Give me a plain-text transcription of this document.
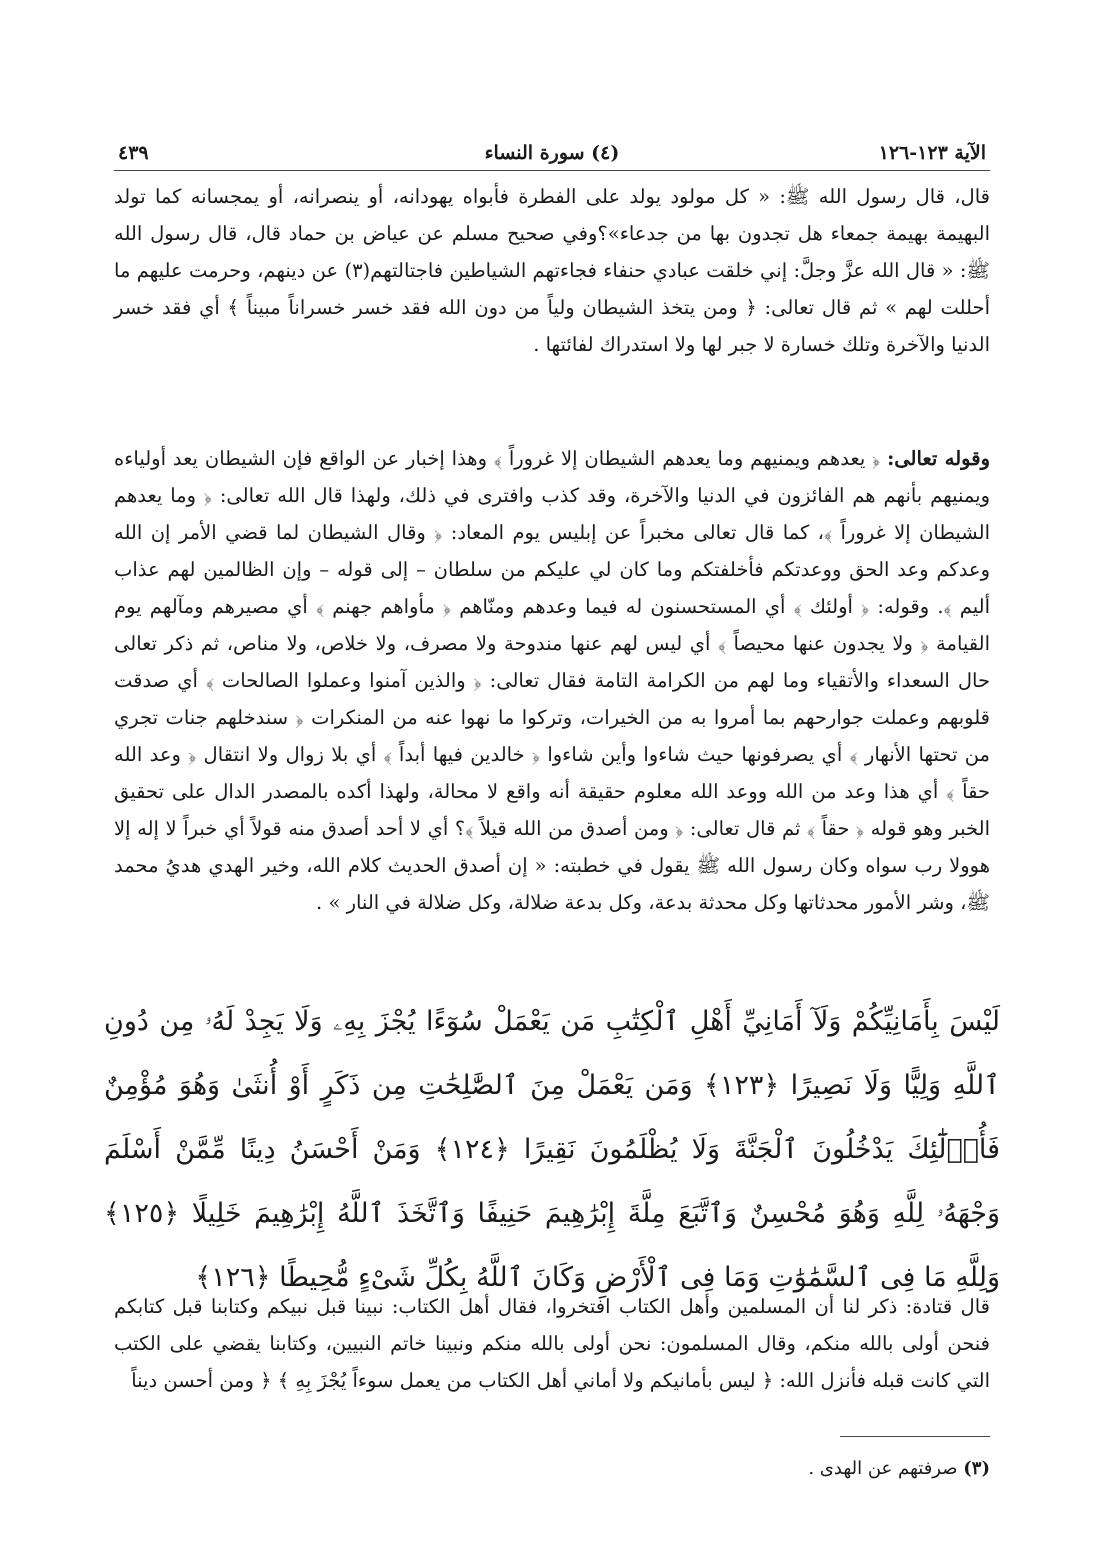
الآية ١٢٣-١٢٦
(٤) سورة النساء
٤٣٩

قال، قال رسول الله ﷺ: « كل مولود يولد على الفطرة فأبواه يهودانه، أو ينصرانه، أو يمجسانه كما تولد البهيمة بهيمة جمعاء هل تجدون بها من جدعاء»؟وفي صحيح مسلم عن عياض بن حماد قال، قال رسول الله ﷺ: « قال الله عزَّ وجلَّ: إني خلقت عبادي حنفاء فجاءتهم الشياطين فاجتالتهم(٣) عن دينهم، وحرمت عليهم ما أحللت لهم » ثم قال تعالى: ﴿ ومن يتخذ الشيطان ولياً من دون الله فقد خسر خسراناً مبيناً ﴾ أي فقد خسر الدنيا والآخرة وتلك خسارة لا جبر لها ولا استدراك لفائتها .

وقوله تعالى: ﴿ يعدهم ويمنيهم وما يعدهم الشيطان إلا غروراً ﴾ وهذا إخبار عن الواقع فإن الشيطان يعد أولياءه ويمنيهم بأنهم هم الفائزون في الدنيا والآخرة، وقد كذب وافترى في ذلك، ولهذا قال الله تعالى: ﴿ وما يعدهم الشيطان إلا غروراً ﴾، كما قال تعالى مخبراً عن إبليس يوم المعاد: ﴿ وقال الشيطان لما قضي الأمر إن الله وعدكم وعد الحق ووعدتكم فأخلفتكم وما كان لي عليكم من سلطان – إلى قوله – وإن الظالمين لهم عذاب أليم ﴾. وقوله: ﴿ أولئك ﴾ أي المستحسنون له فيما وعدهم ومنّاهم ﴿ مأواهم جهنم ﴾ أي مصيرهم ومآلهم يوم القيامة ﴿ ولا يجدون عنها محيصاً ﴾ أي ليس لهم عنها مندوحة ولا مصرف، ولا خلاص، ولا مناص، ثم ذكر تعالى حال السعداء والأتقياء وما لهم من الكرامة التامة فقال تعالى: ﴿ والذين آمنوا وعملوا الصالحات ﴾ أي صدقت قلوبهم وعملت جوارحهم بما أمروا به من الخيرات، وتركوا ما نهوا عنه من المنكرات ﴿ سندخلهم جنات تجري من تحتها الأنهار ﴾ أي يصرفونها حيث شاءوا وأين شاءوا ﴿ خالدين فيها أبداً ﴾ أي بلا زوال ولا انتقال ﴿ وعد الله حقاً ﴾ أي هذا وعد من الله ووعد الله معلوم حقيقة أنه واقع لا محالة، ولهذا أكده بالمصدر الدال على تحقيق الخبر وهو قوله ﴿ حقاً ﴾ ثم قال تعالى: ﴿ ومن أصدق من الله قيلاً ﴾؟ أي لا أحد أصدق منه قولاً أي خبراً لا إله إلا هوولا رب سواه وكان رسول الله ﷺ يقول في خطبته: « إن أصدق الحديث كلام الله، وخير الهدي هديُ محمد ﷺ، وشر الأمور محدثاتها وكل محدثة بدعة، وكل بدعة ضلالة، وكل ضلالة في النار » .

لَيْسَ بِأَمَانِيِّكُمْ وَلَآ أَمَانِيِّ أَهْلِ ٱلْكِتَٰبِ مَن يَعْمَلْ سُوٓءًا يُجْزَ بِهِۦ وَلَا يَجِدْ لَهُۥ مِن دُونِ ٱللَّهِ وَلِيًّا وَلَا نَصِيرًا ﴿١٢٣﴾ وَمَن يَعْمَلْ مِنَ ٱلصَّٰلِحَٰتِ مِن ذَكَرٍ أَوْ أُنثَىٰ وَهُوَ مُؤْمِنٌ فَأُو۟لَٰٓئِكَ يَدْخُلُونَ ٱلْجَنَّةَ وَلَا يُظْلَمُونَ نَقِيرًا ﴿١٢٤﴾ وَمَنْ أَحْسَنُ دِينًا مِّمَّنْ أَسْلَمَ وَجْهَهُۥ لِلَّهِ وَهُوَ مُحْسِنٌ وَٱتَّبَعَ مِلَّةَ إِبْرَٰهِيمَ حَنِيفًا وَٱتَّخَذَ ٱللَّهُ إِبْرَٰهِيمَ خَلِيلًا ﴿١٢٥﴾ وَلِلَّهِ مَا فِى ٱلسَّمَٰوَٰتِ وَمَا فِى ٱلْأَرْضِ وَكَانَ ٱللَّهُ بِكُلِّ شَىْءٍ مُّحِيطًا ﴿١٢٦﴾

قال قتادة: ذكر لنا أن المسلمين وأهل الكتاب افتخروا، فقال أهل الكتاب: نبينا قبل نبيكم وكتابنا قبل كتابكم فنحن أولى بالله منكم، وقال المسلمون: نحن أولى بالله منكم ونبينا خاتم النبيين، وكتابنا يقضي على الكتب التي كانت قبله فأنزل الله: ﴿ ليس بأمانيكم ولا أماني أهل الكتاب من يعمل سوءاً يُجْزَ بِهِ ﴾ ﴿ ومن أحسن ديناً

(٣) صرفتهم عن الهدى .
